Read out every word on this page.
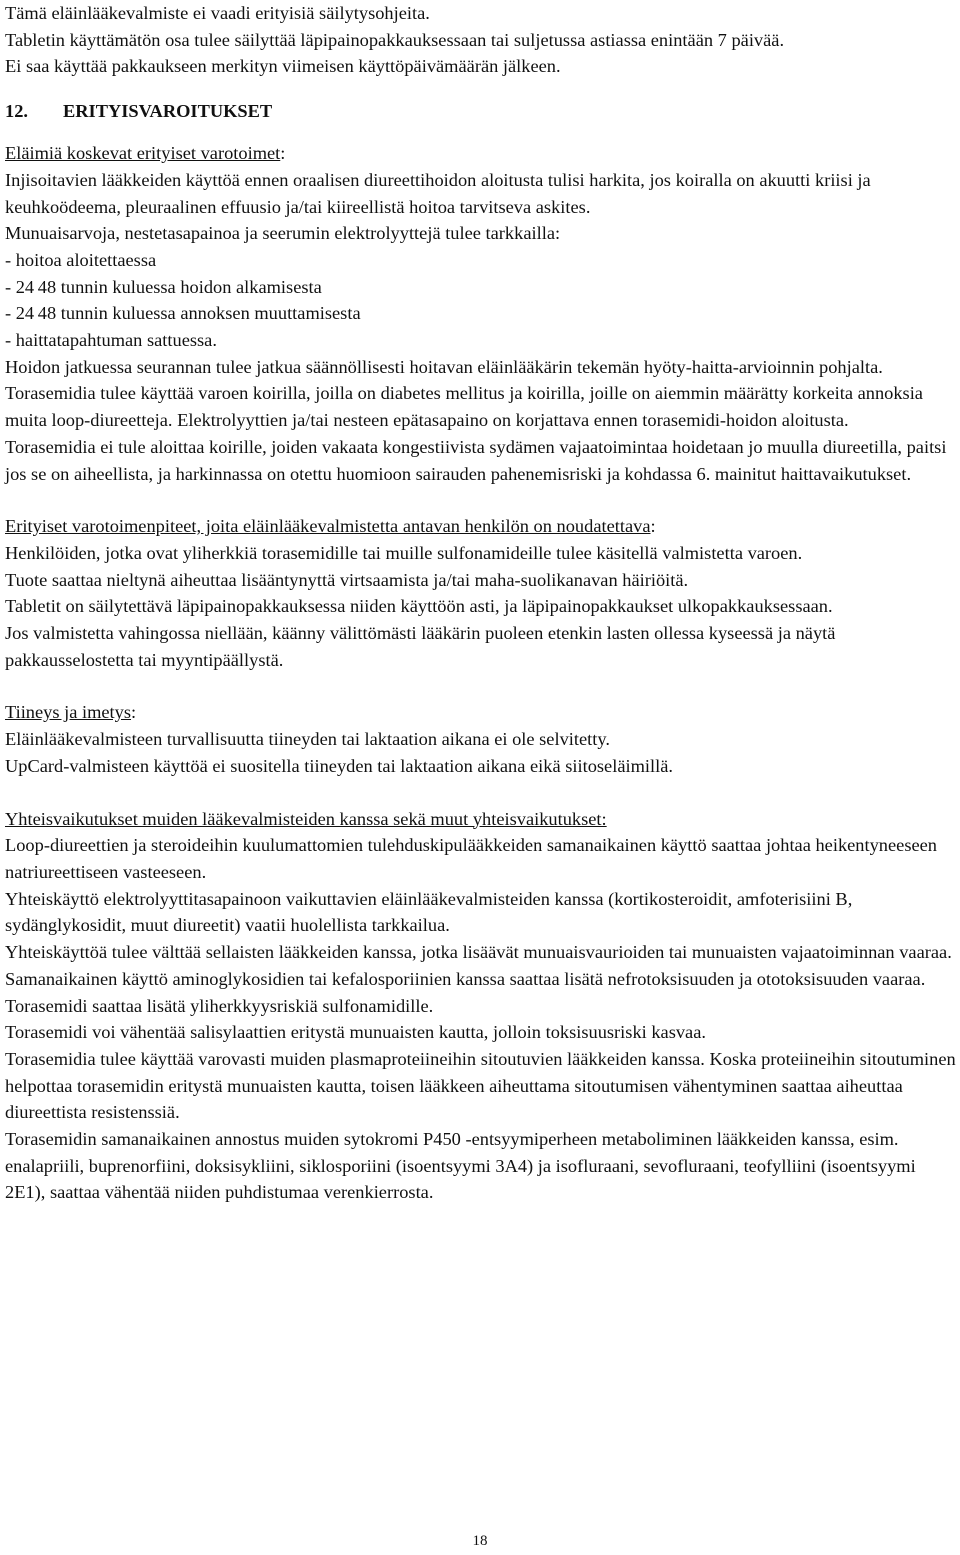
Tämä eläinlääkevalmiste ei vaadi erityisiä säilytysohjeita.

Tabletin käyttämätön osa tulee säilyttää läpipainopakkauksessaan tai suljetussa astiassa enintään 7 päivää.

Ei saa käyttää pakkaukseen merkityn viimeisen käyttöpäivämäärän jälkeen.

12. ERITYISVAROITUKSET

Eläimiä koskevat erityiset varotoimet:

Injisoitavien lääkkeiden käyttöä ennen oraalisen diureettihoidon aloitusta tulisi harkita, jos koiralla on akuutti kriisi ja keuhkoödeema, pleuraalinen effuusio ja/tai kiireellistä hoitoa tarvitseva askites.

Munuaisarvoja, nestetasapainoa ja seerumin elektrolyyttejä tulee tarkkailla:

- hoitoa aloitettaessa

- 24 48 tunnin kuluessa hoidon alkamisesta

- 24 48 tunnin kuluessa annoksen muuttamisesta

- haittatapahtuman sattuessa.

Hoidon jatkuessa seurannan tulee jatkua säännöllisesti hoitavan eläinlääkärin tekemän hyöty-haitta-arvioinnin pohjalta.

Torasemidia tulee käyttää varoen koirilla, joilla on diabetes mellitus ja koirilla, joille on aiemmin määrätty korkeita annoksia muita loop-diureetteja. Elektrolyyttien ja/tai nesteen epätasapaino on korjattava ennen torasemidi-hoidon aloitusta.

Torasemidia ei tule aloittaa koirille, joiden vakaata kongestiivista sydämen vajaatoimintaa hoidetaan jo muulla diureetilla, paitsi jos se on aiheellista, ja harkinnassa on otettu huomioon sairauden pahenemisriski ja kohdassa 6. mainitut haittavaikutukset.

Erityiset varotoimenpiteet, joita eläinlääkevalmistetta antavan henkilön on noudatettava:

Henkilöiden, jotka ovat yliherkkiä torasemidille tai muille sulfonamideille tulee käsitellä valmistetta varoen.

Tuote saattaa nieltynä aiheuttaa lisääntynyttä virtsaamista ja/tai maha-suolikanavan häiriöitä.

Tabletit on säilytettävä läpipainopakkauksessa niiden käyttöön asti, ja läpipainopakkaukset ulkopakkauksessaan.

Jos valmistetta vahingossa niellään, käänny välittömästi lääkärin puoleen etenkin lasten ollessa kyseessä ja näytä pakkausselostetta tai myyntipäällystä.

Tiineys ja imetys:

Eläinlääkevalmisteen turvallisuutta tiineyden tai laktaation aikana ei ole selvitetty.

UpCard-valmisteen käyttöä ei suositella tiineyden tai laktaation aikana eikä siitoseläimillä.

Yhteisvaikutukset muiden lääkevalmisteiden kanssa sekä muut yhteisvaikutukset:

Loop-diureettien ja steroideihin kuulumattomien tulehduskipulääkkeiden samanaikainen käyttö saattaa johtaa heikentyneeseen natriureettiseen vasteeseen.

Yhteiskäyttö elektrolyyttitasapainoon vaikuttavien eläinlääkevalmisteiden kanssa (kortikosteroidit, amfoterisiini B, sydänglykosidit, muut diureetit) vaatii huolellista tarkkailua.

Yhteiskäyttöä tulee välttää sellaisten lääkkeiden kanssa, jotka lisäävät munuaisvaurioiden tai munuaisten vajaatoiminnan vaaraa.

Samanaikainen käyttö aminoglykosidien tai kefalosporiinien kanssa saattaa lisätä nefrotoksisuuden ja ototoksisuuden vaaraa.

Torasemidi saattaa lisätä yliherkkyysriskiä sulfonamidille.

Torasemidi voi vähentää salisylaattien eritystä munuaisten kautta, jolloin toksisuusriski kasvaa.

Torasemidia tulee käyttää varovasti muiden plasmaproteiineihin sitoutuvien lääkkeiden kanssa. Koska proteiineihin sitoutuminen helpottaa torasemidin eritystä munuaisten kautta, toisen lääkkeen aiheuttama sitoutumisen vähentyminen saattaa aiheuttaa diureettista resistenssiä.

Torasemidin samanaikainen annostus muiden sytokromi P450 -entsyymiperheen metaboliminen lääkkeiden kanssa, esim. enalapriili, buprenorfiini, doksisykliini, siklosporiini (isoentsyymi 3A4) ja isofluraani, sevofluraani, teofylliini (isoentsyymi 2E1), saattaa vähentää niiden puhdistumaa verenkierrosta.

18
